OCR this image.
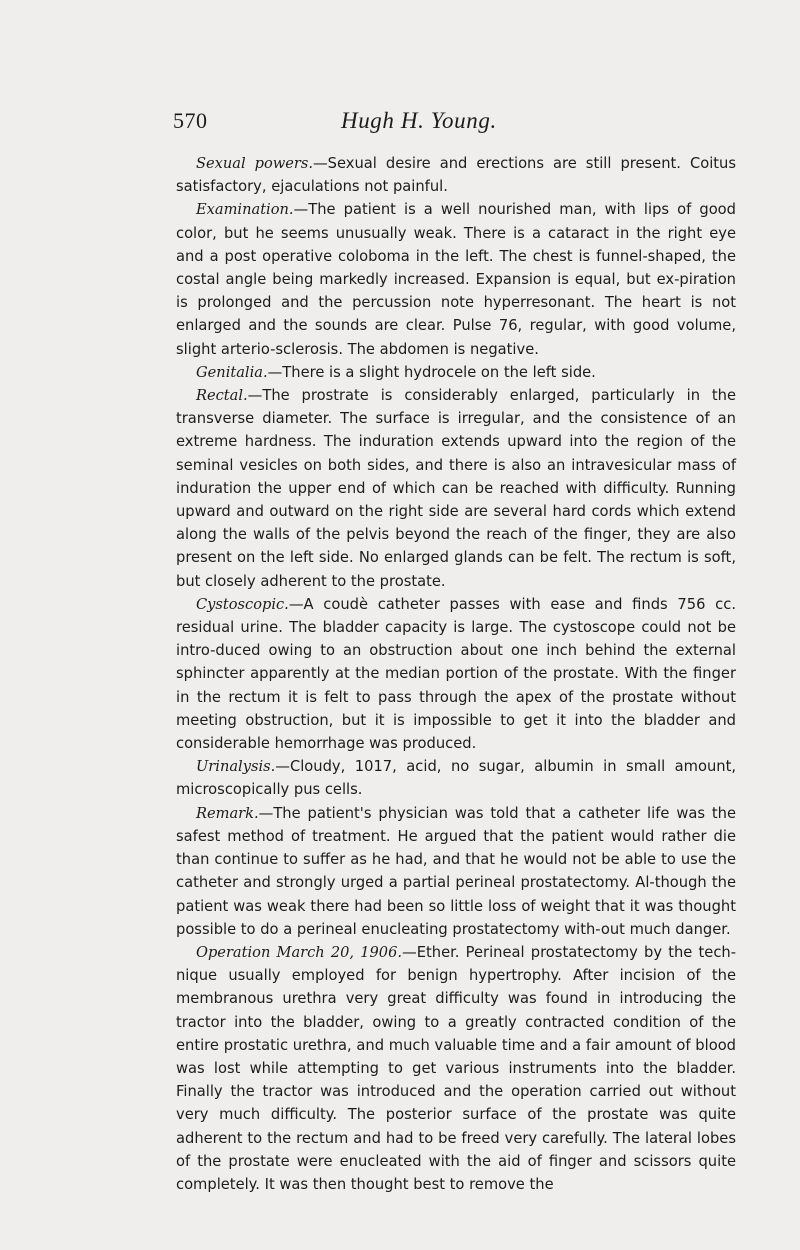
570	Hugh H. Young.

Sexual powers.—Sexual desire and erections are still present. Coitus satisfactory, ejaculations not painful.

Examination.—The patient is a well nourished man, with lips of good color, but he seems unusually weak. There is a cataract in the right eye and a post operative coloboma in the left. The chest is funnel-shaped, the costal angle being markedly increased. Expansion is equal, but ex-piration is prolonged and the percussion note hyperresonant. The heart is not enlarged and the sounds are clear. Pulse 76, regular, with good volume, slight arterio-sclerosis. The abdomen is negative.

Genitalia.—There is a slight hydrocele on the left side.

Rectal.—The prostrate is considerably enlarged, particularly in the transverse diameter. The surface is irregular, and the consistence of an extreme hardness. The induration extends upward into the region of the seminal vesicles on both sides, and there is also an intravesicular mass of induration the upper end of which can be reached with difficulty. Running upward and outward on the right side are several hard cords which extend along the walls of the pelvis beyond the reach of the finger, they are also present on the left side. No enlarged glands can be felt. The rectum is soft, but closely adherent to the prostate.

Cystoscopic.—A coudè catheter passes with ease and finds 756 cc. residual urine. The bladder capacity is large. The cystoscope could not be intro-duced owing to an obstruction about one inch behind the external sphincter apparently at the median portion of the prostate. With the finger in the rectum it is felt to pass through the apex of the prostate without meeting obstruction, but it is impossible to get it into the bladder and considerable hemorrhage was produced.

Urinalysis.—Cloudy, 1017, acid, no sugar, albumin in small amount, microscopically pus cells.

Remark.—The patient's physician was told that a catheter life was the safest method of treatment. He argued that the patient would rather die than continue to suffer as he had, and that he would not be able to use the catheter and strongly urged a partial perineal prostatectomy. Al-though the patient was weak there had been so little loss of weight that it was thought possible to do a perineal enucleating prostatectomy with-out much danger.

Operation March 20, 1906.—Ether. Perineal prostatectomy by the tech-nique usually employed for benign hypertrophy. After incision of the membranous urethra very great difficulty was found in introducing the tractor into the bladder, owing to a greatly contracted condition of the entire prostatic urethra, and much valuable time and a fair amount of blood was lost while attempting to get various instruments into the bladder. Finally the tractor was introduced and the operation carried out without very much difficulty. The posterior surface of the prostate was quite adherent to the rectum and had to be freed very carefully. The lateral lobes of the prostate were enucleated with the aid of finger and scissors quite completely. It was then thought best to remove the
